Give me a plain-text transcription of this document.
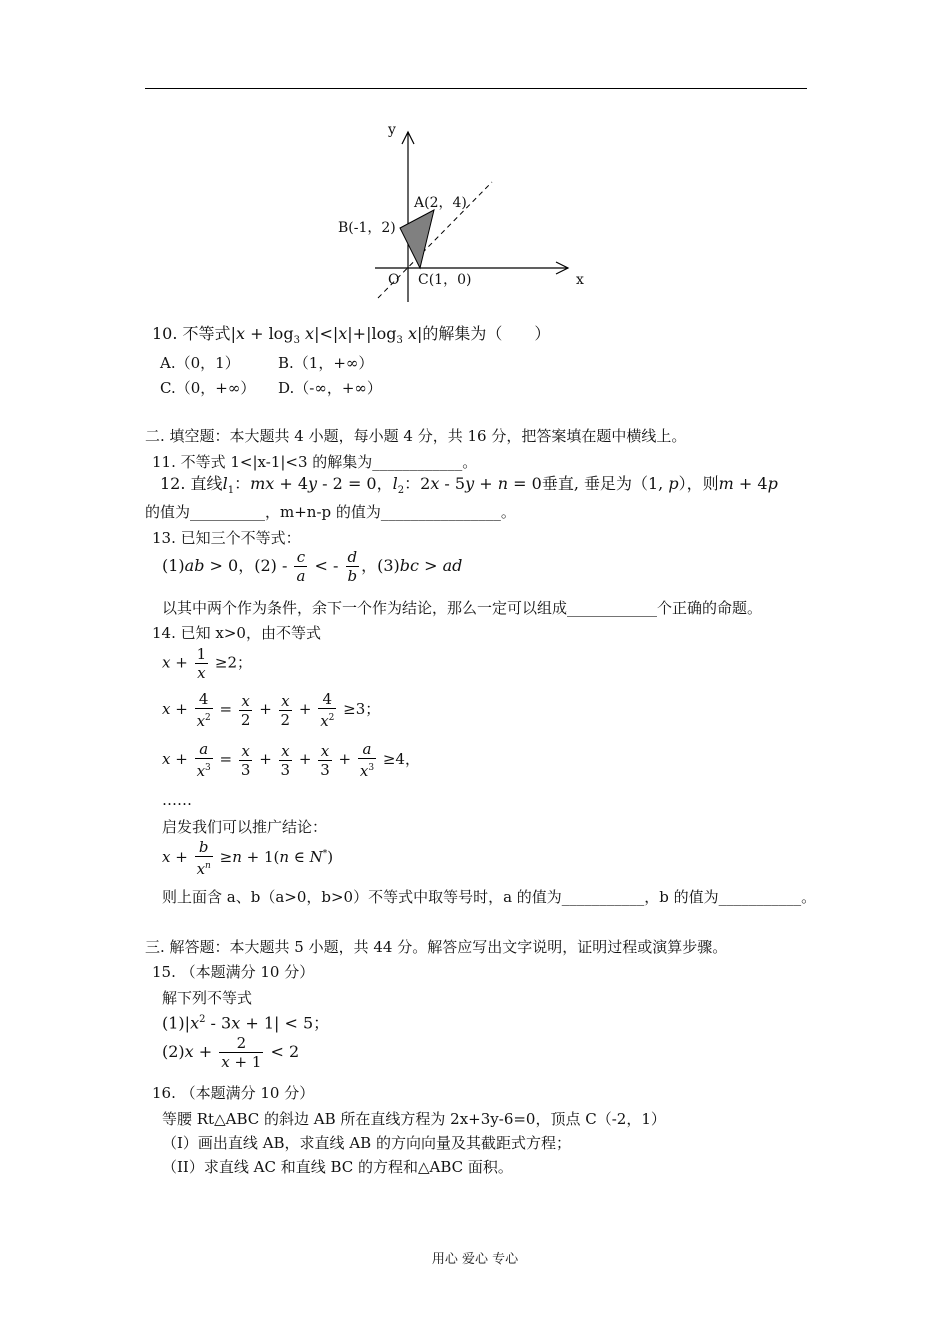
y
x
O
A(2，4)
B(-1，2)
C(1，0)
10. 不等式$|x + \log_3 x|<|x|+|\log_3$ x|的解集为（　　）
A.（0，1）	B.（1，+∞）
C.（0，+∞） D.（-∞，+∞）
二. 填空题：本大题共 4 小题，每小题 4 分，共 16 分，把答案填在题中横线上。
11. 不等式 1<|x-1|<3 的解集为____________。
12. 直线$l_1$：mx + 4y - 2 = 0，$l_2$：2x - 5y + n = 0垂直, 垂足为（1, p），则m + 4p
的值为__________，m+n-p 的值为________________。
13. 已知三个不等式：
(1)ab > 0，$(2) - \frac{c}{a}$ < - $\frac{d}{b}$ ，(3)bc > ad
以其中两个作为条件，余下一个作为结论，那么一定可以组成____________个正确的命题。
14. 已知 x>0，由不等式
$x + \frac{1}{x} \ge 2$；
$x + \frac{4}{x^2} = \frac{x}{2} + \frac{x}{2} + \frac{4}{x^2} \ge 3$；
$x + \frac{a}{x^3} = \frac{x}{3} + \frac{x}{3} + \frac{x}{3} + \frac{a}{x^3} \ge 4$，
……
启发我们可以推广结论：
$x + \frac{b}{x^n} \ge n + 1(n$ ∈ N*)
则上面含 a、b（a>0，b>0）不等式中取等号时，a 的值为___________，b 的值为___________。
三. 解答题：本大题共 5 小题，共 44 分。解答应写出文字说明，证明过程或演算步骤。
15. （本题满分 10 分）
解下列不等式
$(1)|x^2 - 3x + 1| < 5$；
$(2)x + \frac{2}{x + 1} < 2$
16. （本题满分 10 分）
等腰 Rt△ABC 的斜边 AB 所在直线方程为 2x+3y-6=0，顶点 C（-2，1）
（I）画出直线 AB，求直线 AB 的方向向量及其截距式方程；
（II）求直线 AC 和直线 BC 的方程和△ABC 面积。
用心 爱心 专心
